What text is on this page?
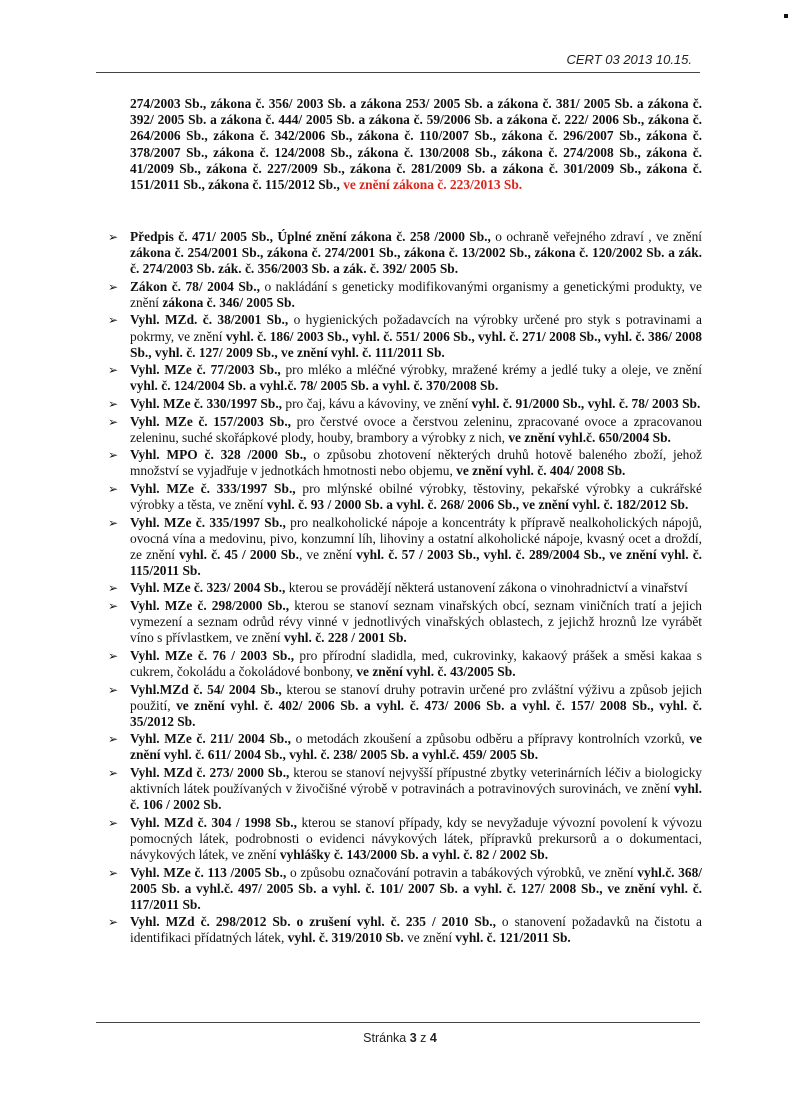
CERT 03 2013 10.15.
274/2003 Sb., zákona č. 356/ 2003 Sb. a zákona 253/ 2005 Sb. a zákona č. 381/ 2005 Sb. a zákona č. 392/ 2005 Sb. a zákona č. 444/ 2005 Sb. a zákona č. 59/2006 Sb. a zákona č. 222/ 2006 Sb., zákona č. 264/2006 Sb., zákona č. 342/2006 Sb., zákona č. 110/2007 Sb., zákona č. 296/2007 Sb., zákona č. 378/2007 Sb., zákona č. 124/2008 Sb., zákona č. 130/2008 Sb., zákona č. 274/2008 Sb., zákona č. 41/2009 Sb., zákona č. 227/2009 Sb., zákona č. 281/2009 Sb. a zákona č. 301/2009 Sb., zákona č. 151/2011 Sb., zákona č. 115/2012 Sb., ve znění zákona č. 223/2013 Sb.
➢ Předpis č. 471/ 2005 Sb., Úplné znění zákona č. 258 /2000 Sb., o ochraně veřejného zdraví , ve znění zákona č. 254/2001 Sb., zákona č. 274/2001 Sb., zákona č. 13/2002 Sb., zákona č. 120/2002 Sb. a zák. č. 274/2003 Sb. zák. č. 356/2003 Sb. a zák. č. 392/ 2005 Sb.
➢ Zákon č. 78/ 2004 Sb., o nakládání s geneticky modifikovanými organismy a genetickými produkty, ve znění zákona č. 346/ 2005 Sb.
➢ Vyhl. MZd. č. 38/2001 Sb., o hygienických požadavcích na výrobky určené pro styk s potravinami a pokrmy, ve znění vyhl. č. 186/ 2003 Sb., vyhl. č. 551/ 2006 Sb., vyhl. č. 271/ 2008 Sb., vyhl. č. 386/ 2008 Sb., vyhl. č. 127/ 2009 Sb., ve znění vyhl. č. 111/2011 Sb.
➢ Vyhl. MZe č. 77/2003 Sb., pro mléko a mléčné výrobky, mražené krémy a jedlé tuky a oleje, ve znění vyhl. č. 124/2004 Sb. a vyhl.č. 78/ 2005 Sb. a vyhl. č. 370/2008 Sb.
➢ Vyhl. MZe č. 330/1997 Sb., pro čaj, kávu a kávoviny, ve znění vyhl. č. 91/2000 Sb., vyhl. č. 78/ 2003 Sb.
➢ Vyhl. MZe č. 157/2003 Sb., pro čerstvé ovoce a čerstvou zeleninu, zpracované ovoce a zpracovanou zeleninu, suché skořápkové plody, houby, brambory a výrobky z nich, ve znění vyhl.č. 650/2004 Sb.
➢ Vyhl. MPO č. 328 /2000 Sb., o způsobu zhotovení některých druhů hotově baleného zboží, jehož množství se vyjadřuje v jednotkách hmotnosti nebo objemu, ve znění vyhl. č. 404/ 2008 Sb.
➢ Vyhl. MZe č. 333/1997 Sb., pro mlýnské obilné výrobky, těstoviny, pekařské výrobky a cukrářské výrobky a těsta, ve znění vyhl. č. 93 / 2000 Sb. a vyhl. č. 268/ 2006 Sb., ve znění vyhl. č. 182/2012 Sb.
➢ Vyhl. MZe č. 335/1997 Sb., pro nealkoholické nápoje a koncentráty k přípravě nealkoholických nápojů, ovocná vína a medovinu, pivo, konzumní líh, lihoviny a ostatní alkoholické nápoje, kvasný ocet a droždí, ze znění vyhl. č. 45 / 2000 Sb., ve znění vyhl. č. 57 / 2003 Sb., vyhl. č. 289/2004 Sb., ve znění vyhl. č. 115/2011 Sb.
➢ Vyhl. MZe č. 323/ 2004 Sb., kterou se provádějí některá ustanovení zákona o vinohradnictví a vinařství
➢ Vyhl. MZe č. 298/2000 Sb., kterou se stanoví seznam vinařských obcí, seznam viničních tratí a jejich vymezení a seznam odrůd révy vinné v jednotlivých vinařských oblastech, z jejichž hroznů lze vyrábět víno s přívlastkem, ve znění vyhl. č. 228 / 2001 Sb.
➢ Vyhl. MZe č. 76 / 2003 Sb., pro přírodní sladidla, med, cukrovinky, kakaový prášek a směsi kakaa s cukrem, čokoládu a čokoládové bonbony, ve znění vyhl. č. 43/2005 Sb.
➢ Vyhl.MZd č. 54/ 2004 Sb., kterou se stanoví druhy potravin určené pro zvláštní výživu a způsob jejich použití, ve znění vyhl. č. 402/ 2006 Sb. a vyhl. č. 473/ 2006 Sb. a vyhl. č. 157/ 2008 Sb., vyhl. č. 35/2012 Sb.
➢ Vyhl. MZe č. 211/ 2004 Sb., o metodách zkoušení a způsobu odběru a přípravy kontrolních vzorků, ve znění vyhl. č. 611/ 2004 Sb., vyhl. č. 238/ 2005 Sb. a vyhl.č. 459/ 2005 Sb.
➢ Vyhl. MZd č. 273/ 2000 Sb., kterou se stanoví nejvyšší přípustné zbytky veterinárních léčiv a biologicky aktivních látek používaných v živočišné výrobě v potravinách a potravinových surovinách, ve znění vyhl. č. 106 / 2002 Sb.
➢ Vyhl. MZd č. 304 / 1998 Sb., kterou se stanoví případy, kdy se nevyžaduje vývozní povolení k vývozu pomocných látek, podrobnosti o evidenci návykových látek, přípravků prekursorů a o dokumentaci, návykových látek, ve znění vyhlášky č. 143/2000 Sb. a vyhl. č. 82 / 2002 Sb.
➢ Vyhl. MZe č. 113 /2005 Sb., o způsobu označování potravin a tabákových výrobků, ve znění vyhl.č. 368/ 2005 Sb. a vyhl.č. 497/ 2005 Sb. a vyhl. č. 101/ 2007 Sb. a vyhl. č. 127/ 2008 Sb., ve znění vyhl. č. 117/2011 Sb.
➢ Vyhl. MZd č. 298/2012 Sb. o zrušení vyhl. č. 235 / 2010 Sb., o stanovení požadavků na čistotu a identifikaci přídatných látek, vyhl. č. 319/2010 Sb. ve znění vyhl. č. 121/2011 Sb.
Stránka 3 z 4
